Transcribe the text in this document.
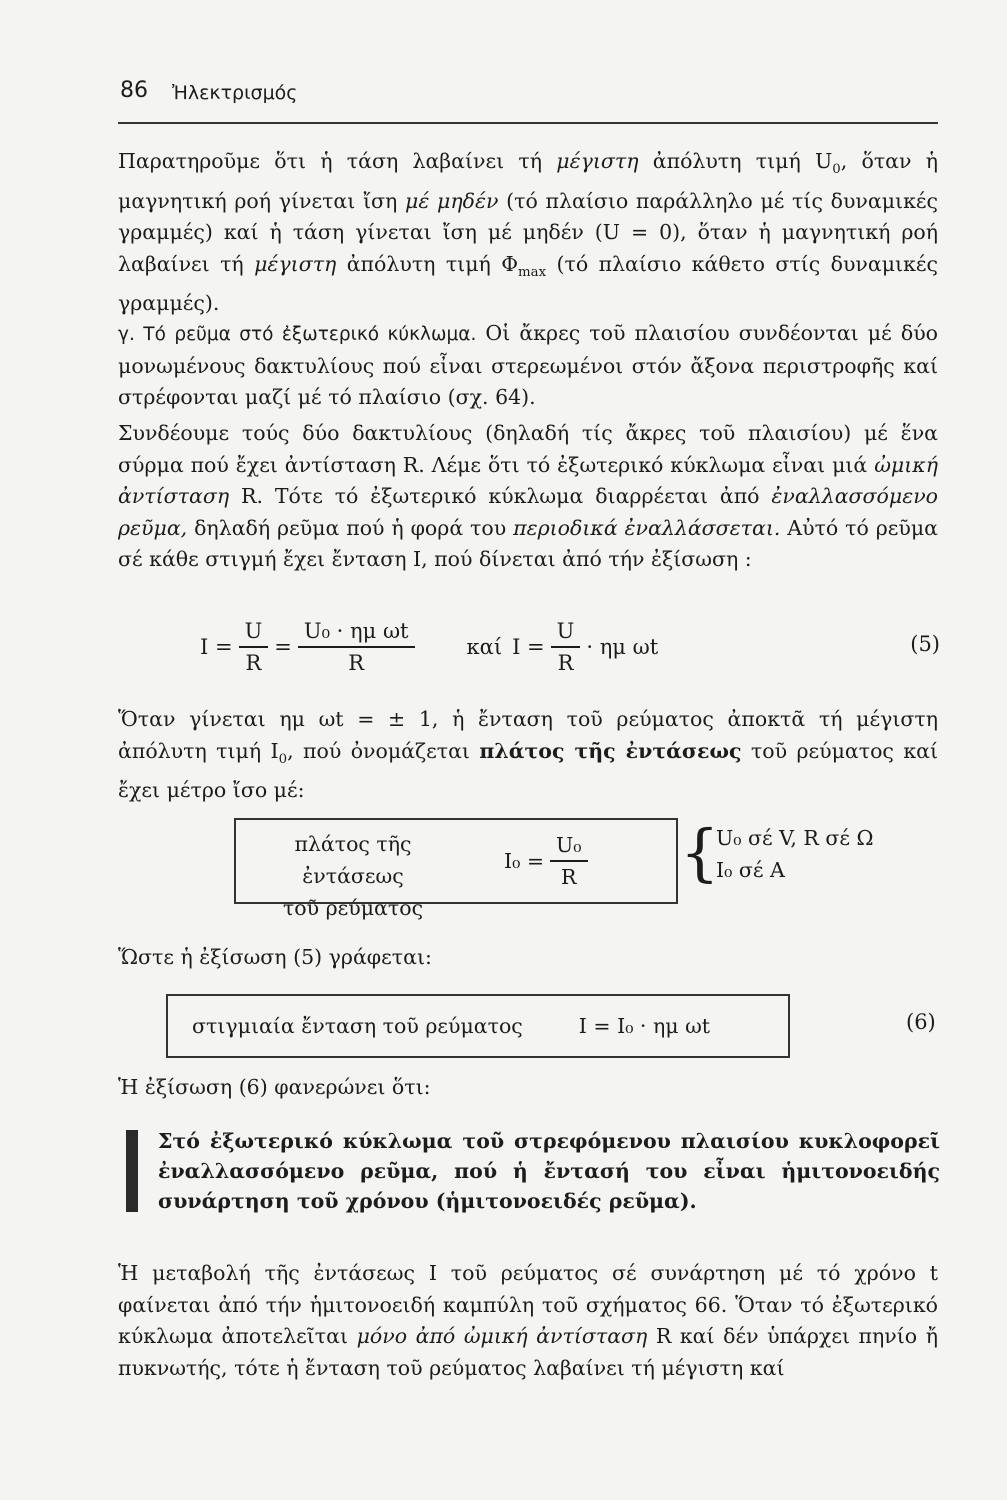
86 Ἠλεκτρισμός
Παρατηροῦμε ὅτι ἡ τάση λαβαίνει τή μέγιστη ἀπόλυτη τιμή $U_0$, ὅταν ἡ μαγνητική ροή γίνεται ἴση μέ μηδέν (τό πλαίσιο παράλληλο μέ τίς δυναμικές γραμμές) καί ἡ τάση γίνεται ἴση μέ μηδέν (U = 0), ὅταν ἡ μαγνητική ροή λαβαίνει τή μέγιστη ἀπόλυτη τιμή $\Phi_{max}$ (τό πλαίσιο κάθετο στίς δυναμικές γραμμές).
γ. Τό ρεῦμα στό ἐξωτερικό κύκλωμα. Οἱ ἄκρες τοῦ πλαισίου συνδέονται μέ δύο μονωμένους δακτυλίους πού εἶναι στερεωμένοι στόν ἄξονα περιστροφῆς καί στρέφονται μαζί μέ τό πλαίσιο (σχ. 64).
Συνδέουμε τούς δύο δακτυλίους (δηλαδή τίς ἄκρες τοῦ πλαισίου) μέ ἕνα σύρμα πού ἔχει ἀντίσταση R. Λέμε ὅτι τό ἐξωτερικό κύκλωμα εἶναι μιά ὠμική ἀντίσταση R. Τότε τό ἐξωτερικό κύκλωμα διαρρέεται ἀπό ἐναλλασσόμενο ρεῦμα, δηλαδή ρεῦμα πού ἡ φορά του περιοδικά ἐναλλάσσεται. Αὐτό τό ρεῦμα σέ κάθε στιγμή ἔχει ἔνταση I, πού δίνεται ἀπό τήν ἐξίσωση :
$I = \frac{U}{R} = \frac{\text{U₀ · ημ ωt}}{R}$ καί $I = \frac{U}{R} \cdot \eta\mu$ ωt	(5)
Ὅταν γίνεται ημ ωt = ± 1, ἡ ἔνταση τοῦ ρεύματος ἀποκτᾶ τή μέγιστη ἀπόλυτη τιμή $I_0$, πού ὀνομάζεται πλάτος τῆς ἐντάσεως τοῦ ρεύματος καί ἔχει μέτρο ἴσο μέ:
πλάτος τῆς ἐντάσεως
τοῦ ρεύματος
$I_0 = \frac{\text{U₀}}{R}$ {
U₀ σέ V, R σέ Ω
I₀ σέ A
Ὥστε ἡ ἐξίσωση (5) γράφεται:
στιγμιαία ἔνταση τοῦ ρεύματος	I = I₀ · ημ ωt	(6)
Ἡ ἐξίσωση (6) φανερώνει ὅτι:
Στό ἐξωτερικό κύκλωμα τοῦ στρεφόμενου πλαισίου κυκλοφορεῖ ἐναλλασσόμενο ρεῦμα, πού ἡ ἔντασή του εἶναι ἡμιτονοειδής συνάρτηση τοῦ χρόνου (ἡμιτονοειδές ρεῦμα).
Ἡ μεταβολή τῆς ἐντάσεως I τοῦ ρεύματος σέ συνάρτηση μέ τό χρόνο t φαίνεται ἀπό τήν ἡμιτονοειδή καμπύλη τοῦ σχήματος 66. Ὅταν τό ἐξωτερικό κύκλωμα ἀποτελεῖται μόνο ἀπό ὠμική ἀντίσταση R καί δέν ὑπάρχει πηνίο ἤ πυκνωτής, τότε ἡ ἔνταση τοῦ ρεύματος λαβαίνει τή μέγιστη καί
